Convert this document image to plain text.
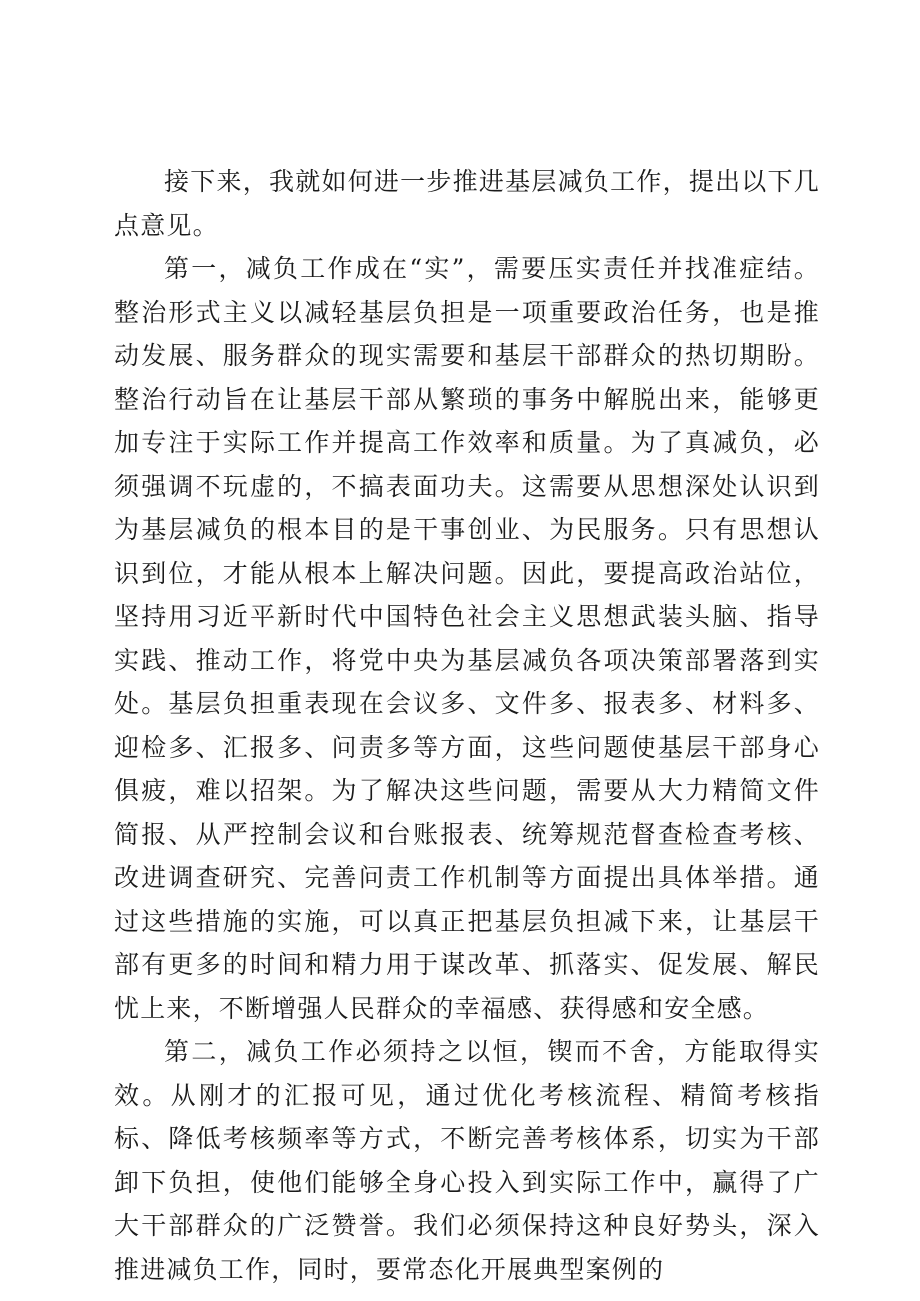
接下来，我就如何进一步推进基层减负工作，提出以下几点意见。

第一，减负工作成在“实”，需要压实责任并找准症结。整治形式主义以减轻基层负担是一项重要政治任务，也是推动发展、服务群众的现实需要和基层干部群众的热切期盼。整治行动旨在让基层干部从繁琐的事务中解脱出来，能够更加专注于实际工作并提高工作效率和质量。为了真减负，必须强调不玩虚的，不搞表面功夫。这需要从思想深处认识到为基层减负的根本目的是干事创业、为民服务。只有思想认识到位，才能从根本上解决问题。因此，要提高政治站位，坚持用习近平新时代中国特色社会主义思想武装头脑、指导实践、推动工作，将党中央为基层减负各项决策部署落到实处。基层负担重表现在会议多、文件多、报表多、材料多、迎检多、汇报多、问责多等方面，这些问题使基层干部身心俱疲，难以招架。为了解决这些问题，需要从大力精简文件简报、从严控制会议和台账报表、统筹规范督查检查考核、改进调查研究、完善问责工作机制等方面提出具体举措。通过这些措施的实施，可以真正把基层负担减下来，让基层干部有更多的时间和精力用于谋改革、抓落实、促发展、解民忧上来，不断增强人民群众的幸福感、获得感和安全感。

第二，减负工作必须持之以恒，锲而不舍，方能取得实效。从刚才的汇报可见，通过优化考核流程、精简考核指标、降低考核频率等方式，不断完善考核体系，切实为干部卸下负担，使他们能够全身心投入到实际工作中，赢得了广大干部群众的广泛赞誉。我们必须保持这种良好势头，深入推进减负工作，同时，要常态化开展典型案例的
